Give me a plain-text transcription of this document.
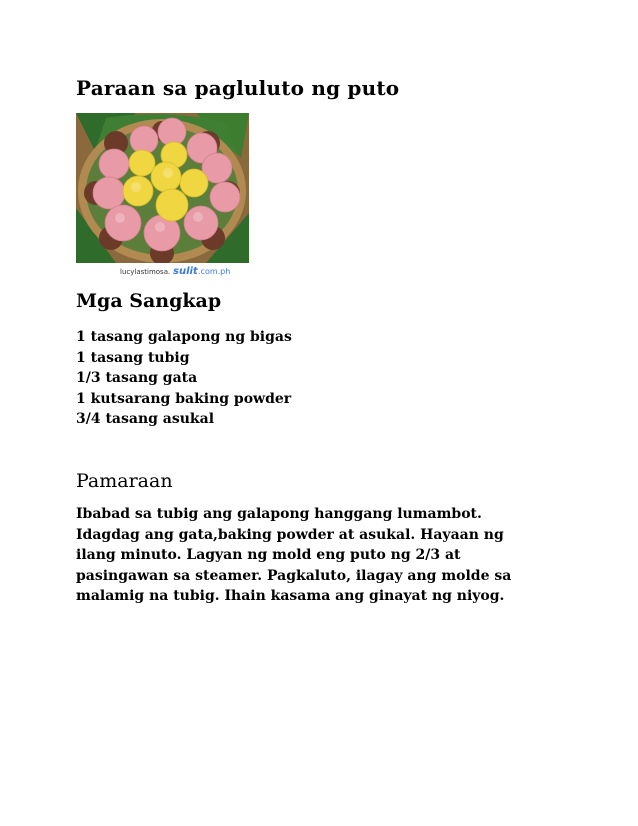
Paraan sa pagluluto ng puto
lucylastimosa. sulit .com.ph
Mga Sangkap
1 tasang galapong ng bigas
1 tasang tubig
1/3 tasang gata
1 kutsarang baking powder
3/4 tasang asukal
Pamaraan

Ibabad sa tubig ang galapong hanggang lumambot.
Idagdag ang gata,baking powder at asukal. Hayaan ng
ilang minuto. Lagyan ng mold eng puto ng 2/3 at
pasingawan sa steamer. Pagkaluto, ilagay ang molde sa
malamig na tubig. Ihain kasama ang ginayat ng niyog.
